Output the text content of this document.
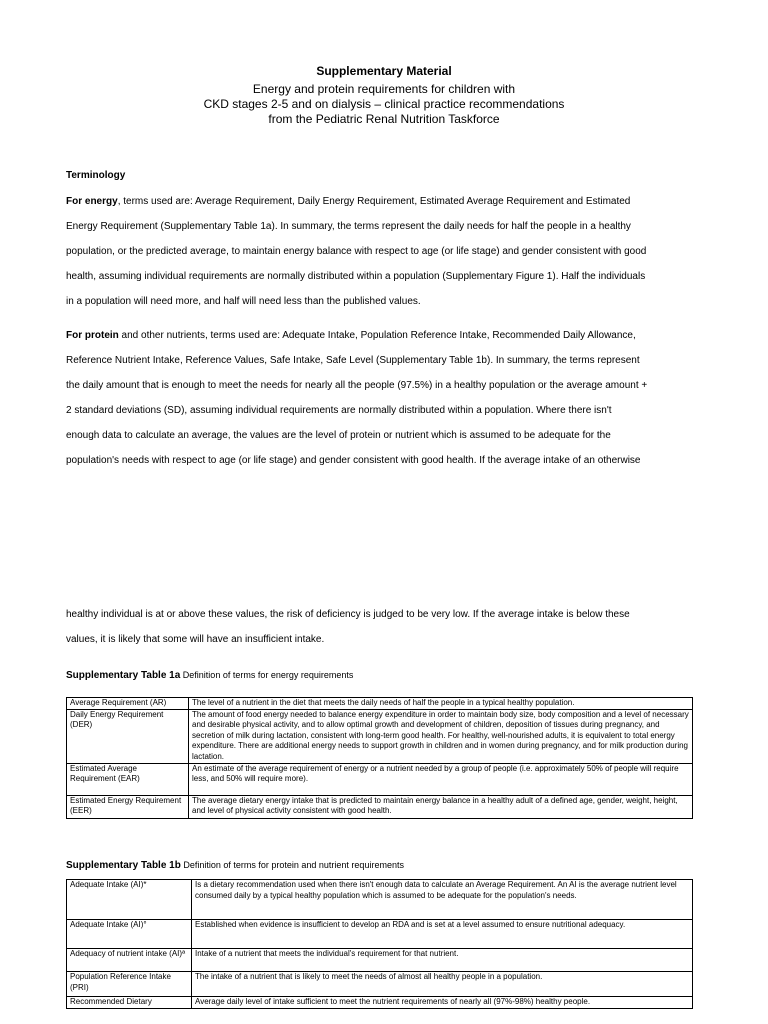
Supplementary Material
Energy and protein requirements for children with
CKD stages 2-5 and on dialysis – clinical practice recommendations
from the Pediatric Renal Nutrition Taskforce
Terminology
For energy, terms used are: Average Requirement, Daily Energy Requirement, Estimated Average Requirement and Estimated
Energy Requirement (Supplementary Table 1a). In summary, the terms represent the daily needs for half the people in a healthy
population, or the predicted average, to maintain energy balance with respect to age (or life stage) and gender consistent with good
health, assuming individual requirements are normally distributed within a population (Supplementary Figure 1). Half the individuals
in a population will need more, and half will need less than the published values.
For protein and other nutrients, terms used are: Adequate Intake, Population Reference Intake, Recommended Daily Allowance,
Reference Nutrient Intake, Reference Values, Safe Intake, Safe Level (Supplementary Table 1b). In summary, the terms represent
the daily amount that is enough to meet the needs for nearly all the people (97.5%) in a healthy population or the average amount +
2 standard deviations (SD), assuming individual requirements are normally distributed within a population. Where there isn't
enough data to calculate an average, the values are the level of protein or nutrient which is assumed to be adequate for the
population's needs with respect to age (or life stage) and gender consistent with good health. If the average intake of an otherwise
healthy individual is at or above these values, the risk of deficiency is judged to be very low. If the average intake is below these
values, it is likely that some will have an insufficient intake.
Supplementary Table 1a Definition of terms for energy requirements
Average Requirement (AR)	The level of a nutrient in the diet that meets the daily needs of half the people in a typical healthy population.
Daily Energy Requirement (DER)	The amount of food energy needed to balance energy expenditure in order to maintain body size, body composition and a level of necessary and desirable physical activity, and to allow optimal growth and development of children, deposition of tissues during pregnancy, and secretion of milk during lactation, consistent with long-term good health. For healthy, well-nourished adults, it is equivalent to total energy expenditure. There are additional energy needs to support growth in children and in women during pregnancy, and for milk production during lactation.
Estimated Average Requirement (EAR)	An estimate of the average requirement of energy or a nutrient needed by a group of people (i.e. approximately 50% of people will require less, and 50% will require more).
Estimated Energy Requirement (EER)	The average dietary energy intake that is predicted to maintain energy balance in a healthy adult of a defined age, gender, weight, height, and level of physical activity consistent with good health.
Supplementary Table 1b Definition of terms for protein and nutrient requirements
Adequate Intake (AI)*	Is a dietary recommendation used when there isn't enough data to calculate an Average Requirement. An AI is the average nutrient level consumed daily by a typical healthy population which is assumed to be adequate for the population's needs.
Adequate Intake (AI)°	Established when evidence is insufficient to develop an RDA and is set at a level assumed to ensure nutritional adequacy.
Adequacy of nutrient intake (AI)ª	Intake of a nutrient that meets the individual's requirement for that nutrient.
Population Reference Intake (PRI)	The intake of a nutrient that is likely to meet the needs of almost all healthy people in a population.
Recommended Dietary	Average daily level of intake sufficient to meet the nutrient requirements of nearly all (97%-98%) healthy people.
